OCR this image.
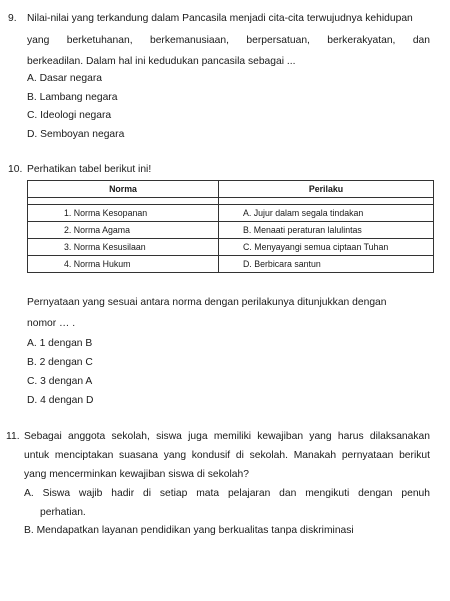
9. Nilai-nilai yang terkandung dalam Pancasila menjadi cita-cita terwujudnya kehidupan
yang berketuhanan, berkemanusiaan, berpersatuan, berkerakyatan, dan
berkeadilan. Dalam hal ini kedudukan pancasila sebagai ...
A. Dasar negara
B. Lambang negara
C. Ideologi negara
D. Semboyan negara
10. Perhatikan tabel berikut ini!
Norma	Perilaku

1. Norma Kesopanan	A. Jujur dalam segala tindakan
2. Norma Agama	B. Menaati peraturan lalulintas
3. Norma Kesusilaan	C. Menyayangi semua ciptaan Tuhan
4. Norma Hukum	D. Berbicara santun
Pernyataan yang sesuai antara norma dengan perilakunya ditunjukkan dengan
nomor … .
A. 1 dengan B
B. 2 dengan C
C. 3 dengan A
D. 4 dengan D
11. Sebagai anggota sekolah, siswa juga memiliki kewajiban yang harus dilaksanakan
untuk menciptakan suasana yang kondusif di sekolah. Manakah pernyataan berikut
yang mencerminkan kewajiban siswa di sekolah?
A. Siswa wajib hadir di setiap mata pelajaran dan mengikuti dengan penuh
perhatian.
B. Mendapatkan layanan pendidikan yang berkualitas tanpa diskriminasi
